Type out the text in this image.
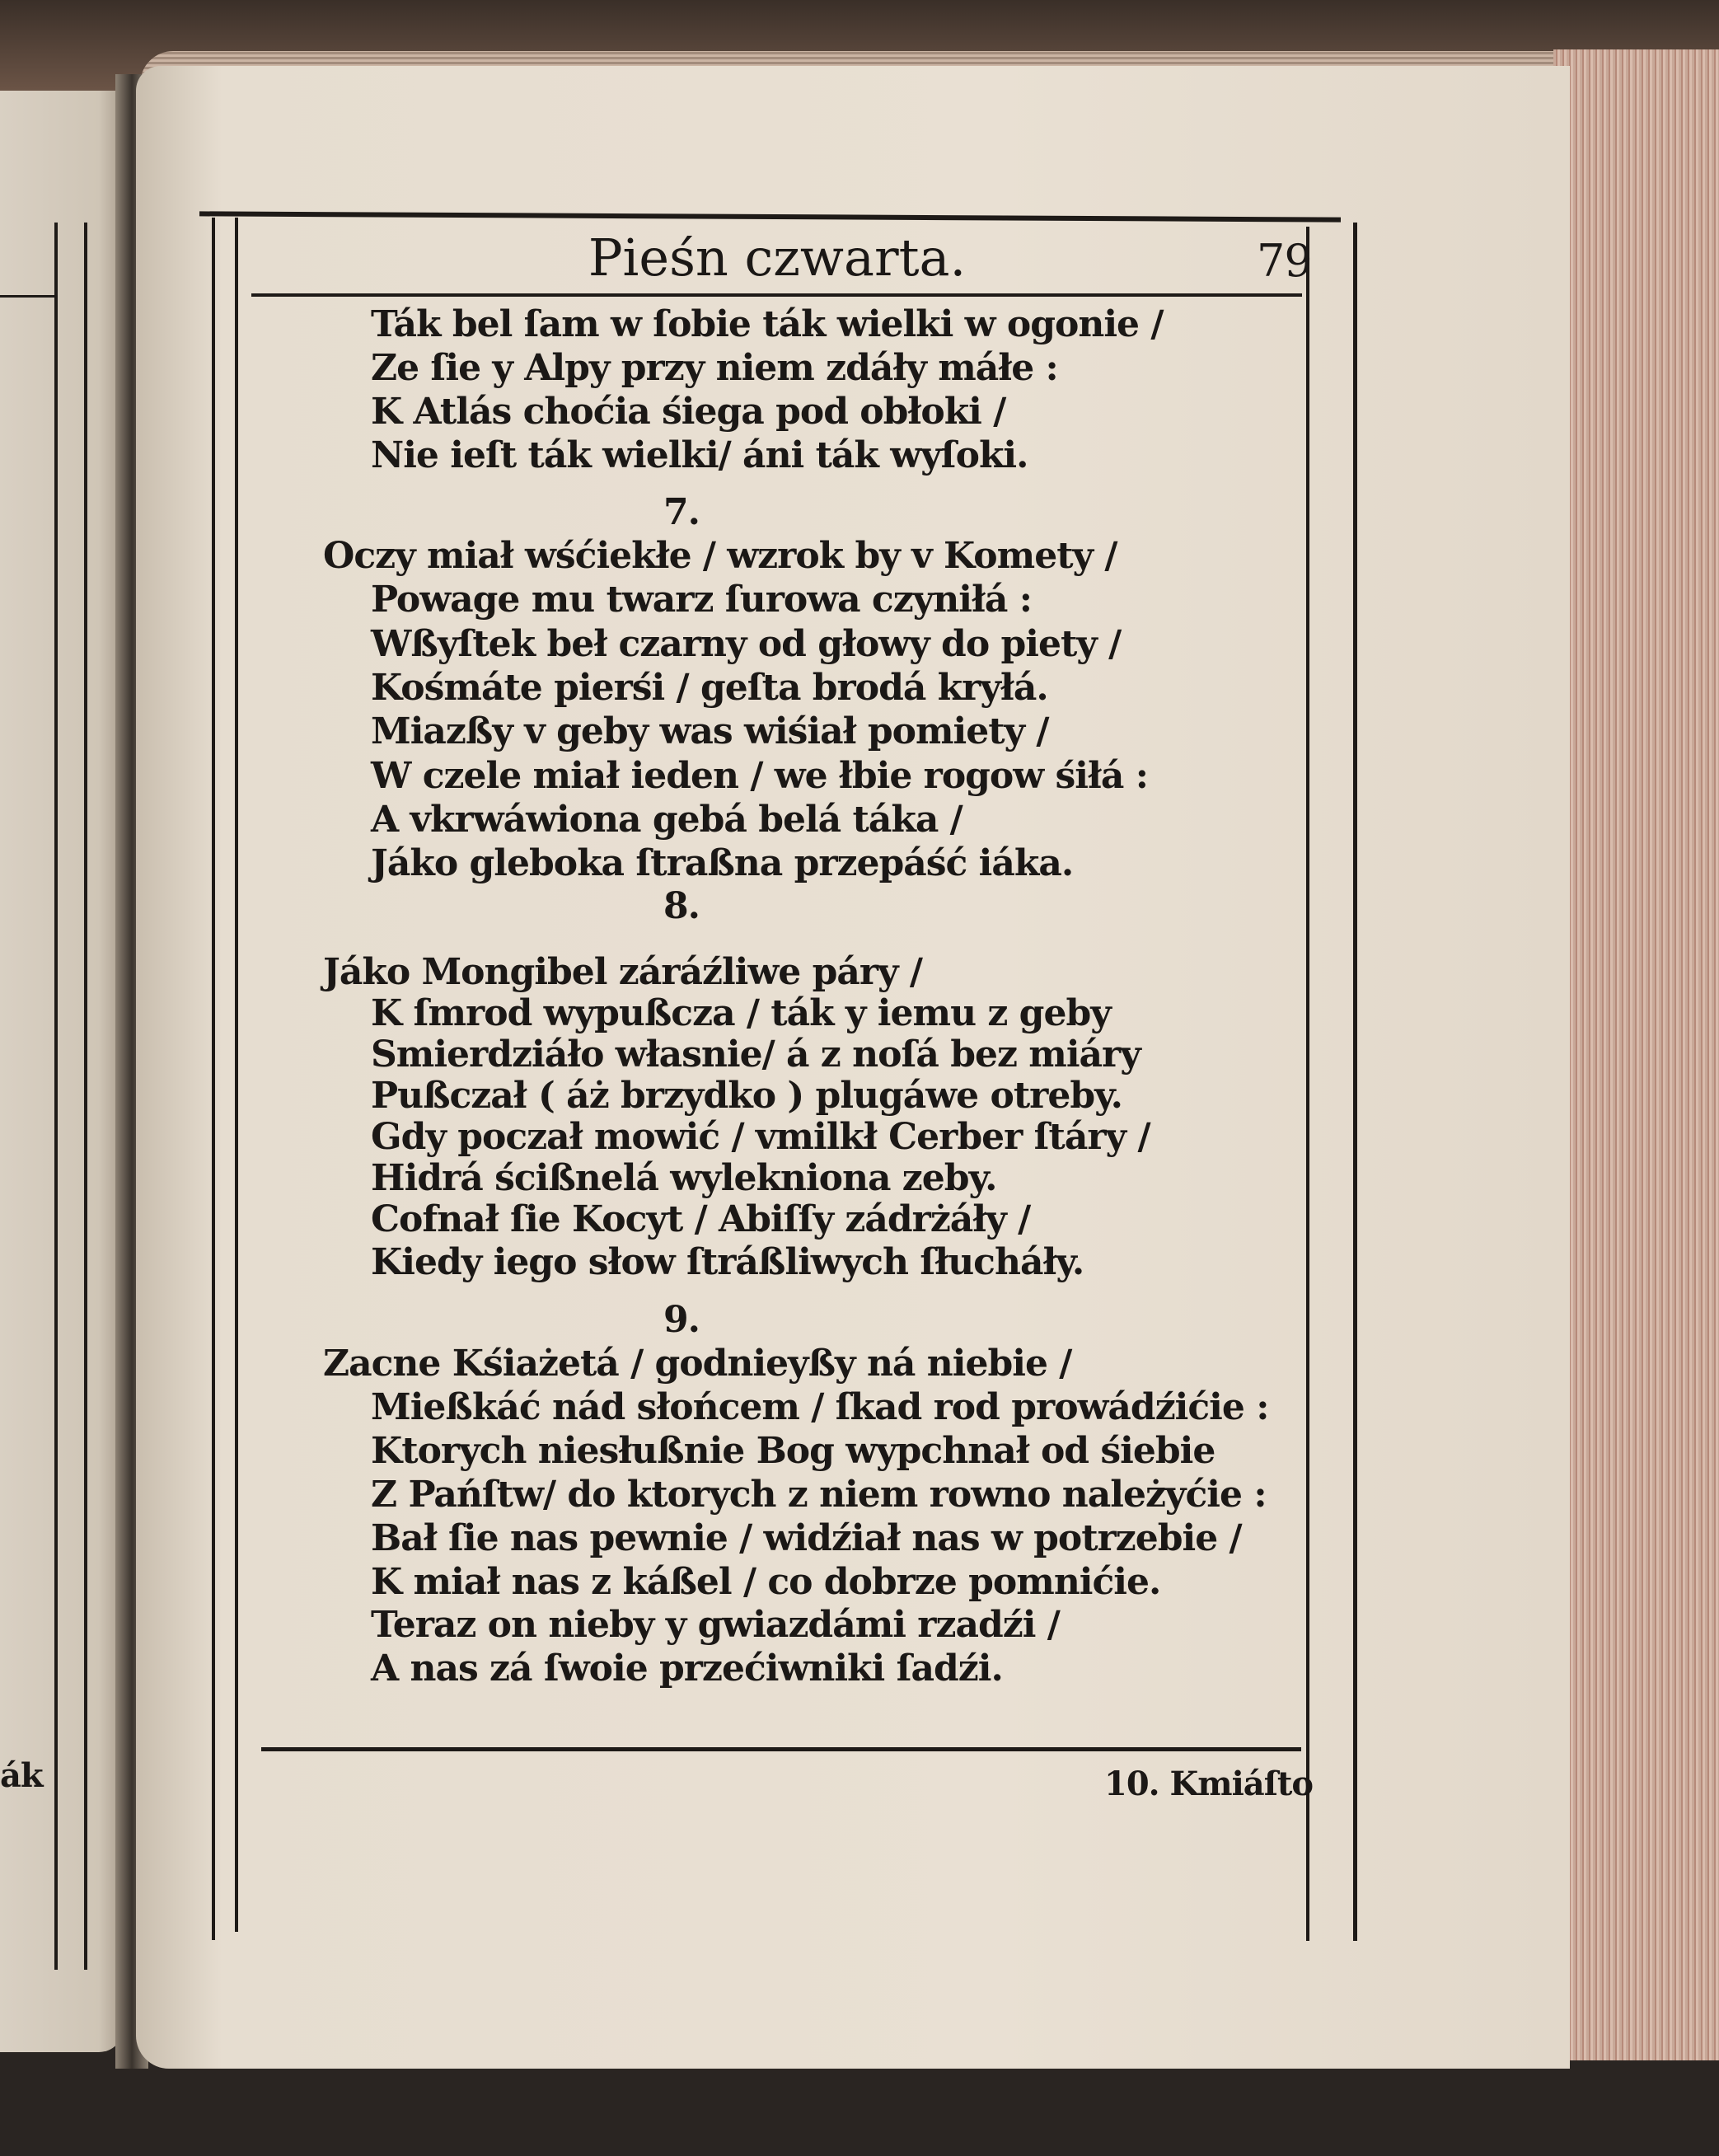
ák
Pieśn czwarta.	79
Ták bel ſam w ſobie ták wielki w ogonie /
Ze ſie y Alpy przy niem zdáły máłe :
K Atlás choćia śiega pod obłoki /
Nie ieſt ták wielki/ áni ták wyſoki.
7.
Oczy miał wśćiekłe / wzrok by v Komety /
Powage mu twarz ſurowa czyniłá :
Wßyſtek beł czarny od głowy do piety /
Kośmáte pierśi / geſta brodá kryłá.
Miazßy v geby was wiśiał pomiety /
W czele miał ieden / we łbie rogow śiłá :
A vkrwáwiona gebá belá táka /
Jáko gleboka ſtraßna przepáść iáka.
8.
Jáko Mongibel záráźliwe páry /
K ſmrod wypußcza / ták y iemu z geby
Smierdziáło własnie/ á z noſá bez miáry
Pußczał ( áż brzydko ) plugáwe otreby.
Gdy poczał mowić / vmilkł Cerber ſtáry /
Hidrá ścißnelá wylekniona zeby.
Cofnał ſie Kocyt / Abiſſy zádrżáły /
Kiedy iego słow ſtráßliwych ſłucháły.
9.
Zacne Kśiażetá / godnieyßy ná niebie /
Mießkáć nád słońcem / ſkad rod prowádźićie :
Ktorych niesłußnie Bog wypchnał od śiebie
Z Pańſtw/ do ktorych z niem rowno należyćie :
Bał ſie nas pewnie / widźiał nas w potrzebie /
K miał nas z káßel / co dobrze pomnićie.
Teraz on nieby y gwiazdámi rzadźi /
A nas zá ſwoie przećiwniki ſadźi.
10. Kmiáſto
